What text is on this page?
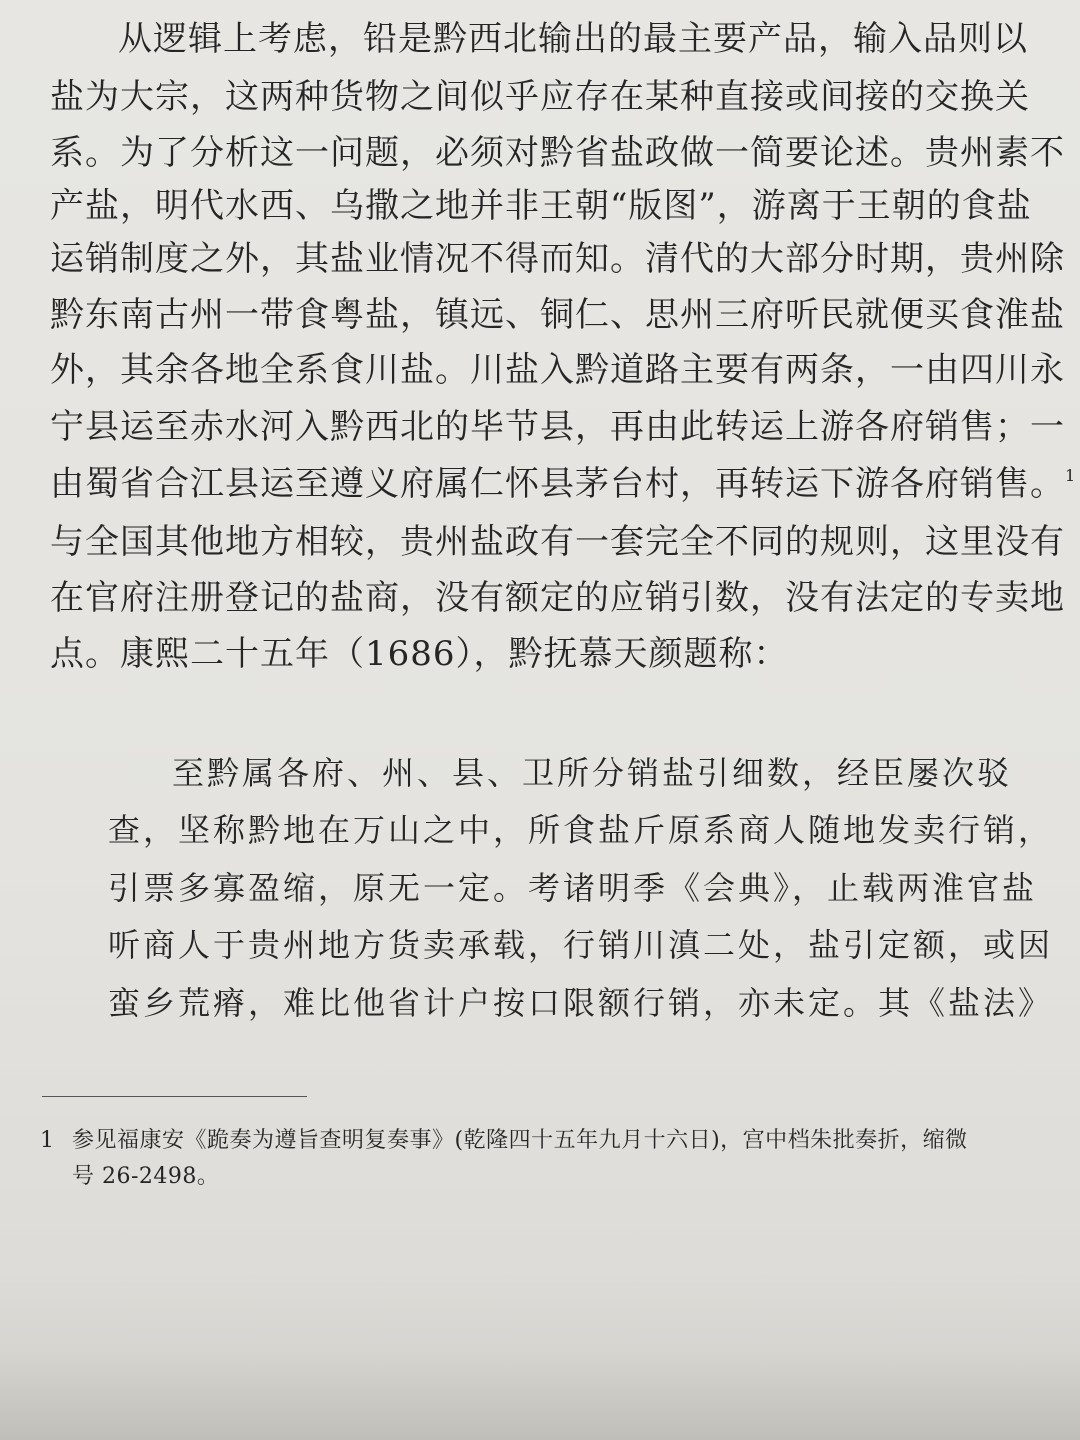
从逻辑上考虑，铅是黔西北输出的最主要产品，输入品则以
盐为大宗，这两种货物之间似乎应存在某种直接或间接的交换关
系。为了分析这一问题，必须对黔省盐政做一简要论述。贵州素不
产盐，明代水西、乌撒之地并非王朝“版图”，游离于王朝的食盐
运销制度之外，其盐业情况不得而知。清代的大部分时期，贵州除
黔东南古州一带食粤盐，镇远、铜仁、思州三府听民就便买食淮盐
外，其余各地全系食川盐。川盐入黔道路主要有两条，一由四川永
宁县运至赤水河入黔西北的毕节县，再由此转运上游各府销售；一
由蜀省合江县运至遵义府属仁怀县茅台村，再转运下游各府销售。$^1$
与全国其他地方相较，贵州盐政有一套完全不同的规则，这里没有
在官府注册登记的盐商，没有额定的应销引数，没有法定的专卖地
点。康熙二十五年（1686），黔抚慕天颜题称：
至黔属各府、州、县、卫所分销盐引细数，经臣屡次驳
查，坚称黔地在万山之中，所食盐斤原系商人随地发卖行销，
引票多寡盈缩，原无一定。考诸明季《会典》，止载两淮官盐
听商人于贵州地方货卖承载，行销川滇二处，盐引定额，或因
蛮乡荒瘠，难比他省计户按口限额行销，亦未定。其《盐法》
1 参见福康安《跪奏为遵旨查明复奏事》(乾隆四十五年九月十六日)，宫中档朱批奏折，缩微
号 26-2498。
